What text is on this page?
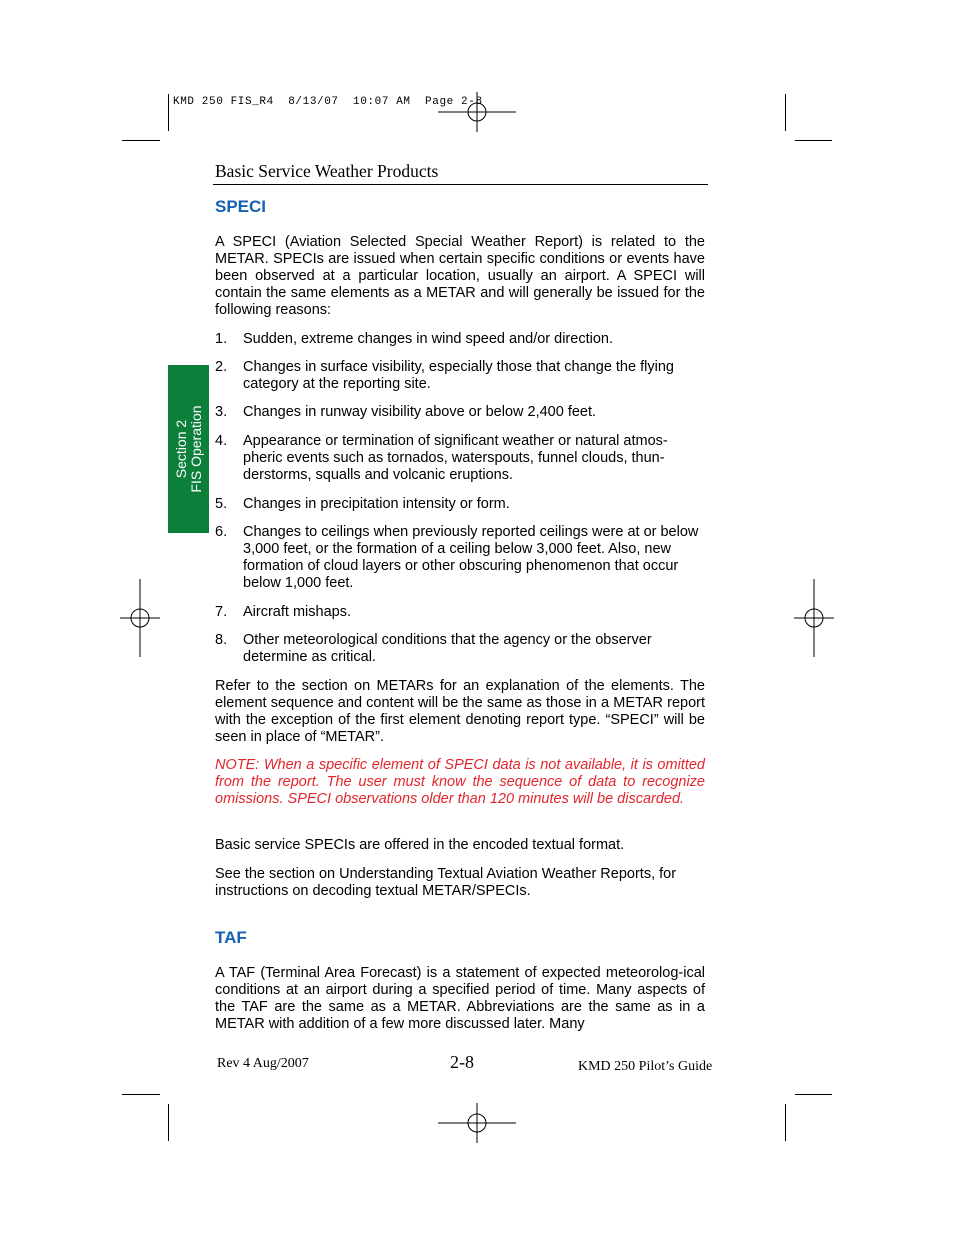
KMD 250 FIS_R4  8/13/07  10:07 AM  Page 2-8
Basic Service Weather Products
Section 2 FIS Operation
SPECI
A SPECI (Aviation Selected Special Weather Report) is related to the METAR. SPECIs are issued when certain specific conditions or events have been observed at a particular location, usually an airport. A SPECI will contain the same elements as a METAR and will generally be issued for the following reasons:
1. Sudden, extreme changes in wind speed and/or direction.
2. Changes in surface visibility, especially those that change the flying category at the reporting site.
3. Changes in runway visibility above or below 2,400 feet.
4. Appearance or termination of significant weather or natural atmos-pheric events such as tornados, waterspouts, funnel clouds, thun-derstorms, squalls and volcanic eruptions.
5. Changes in precipitation intensity or form.
6. Changes to ceilings when previously reported ceilings were at or below 3,000 feet, or the formation of a ceiling below 3,000 feet. Also, new formation of cloud layers or other obscuring phenomenon that occur below 1,000 feet.
7. Aircraft mishaps.
8. Other meteorological conditions that the agency or the observer determine as critical.
Refer to the section on METARs for an explanation of the elements. The element sequence and content will be the same as those in a METAR report with the exception of the first element denoting report type. “SPECI” will be seen in place of “METAR”.
NOTE: When a specific element of SPECI data is not available, it is omitted from the report. The user must know the sequence of data to recognize omissions. SPECI observations older than 120 minutes will be discarded.
Basic service SPECIs are offered in the encoded textual format.
See the section on Understanding Textual Aviation Weather Reports, for instructions on decoding textual METAR/SPECIs.
TAF
A TAF (Terminal Area Forecast) is a statement of expected meteorolog-ical conditions at an airport during a specified period of time. Many aspects of the TAF are the same as a METAR. Abbreviations are the same as in a METAR with addition of a few more discussed later. Many
Rev 4 Aug/2007	2-8	KMD 250 Pilot’s Guide
